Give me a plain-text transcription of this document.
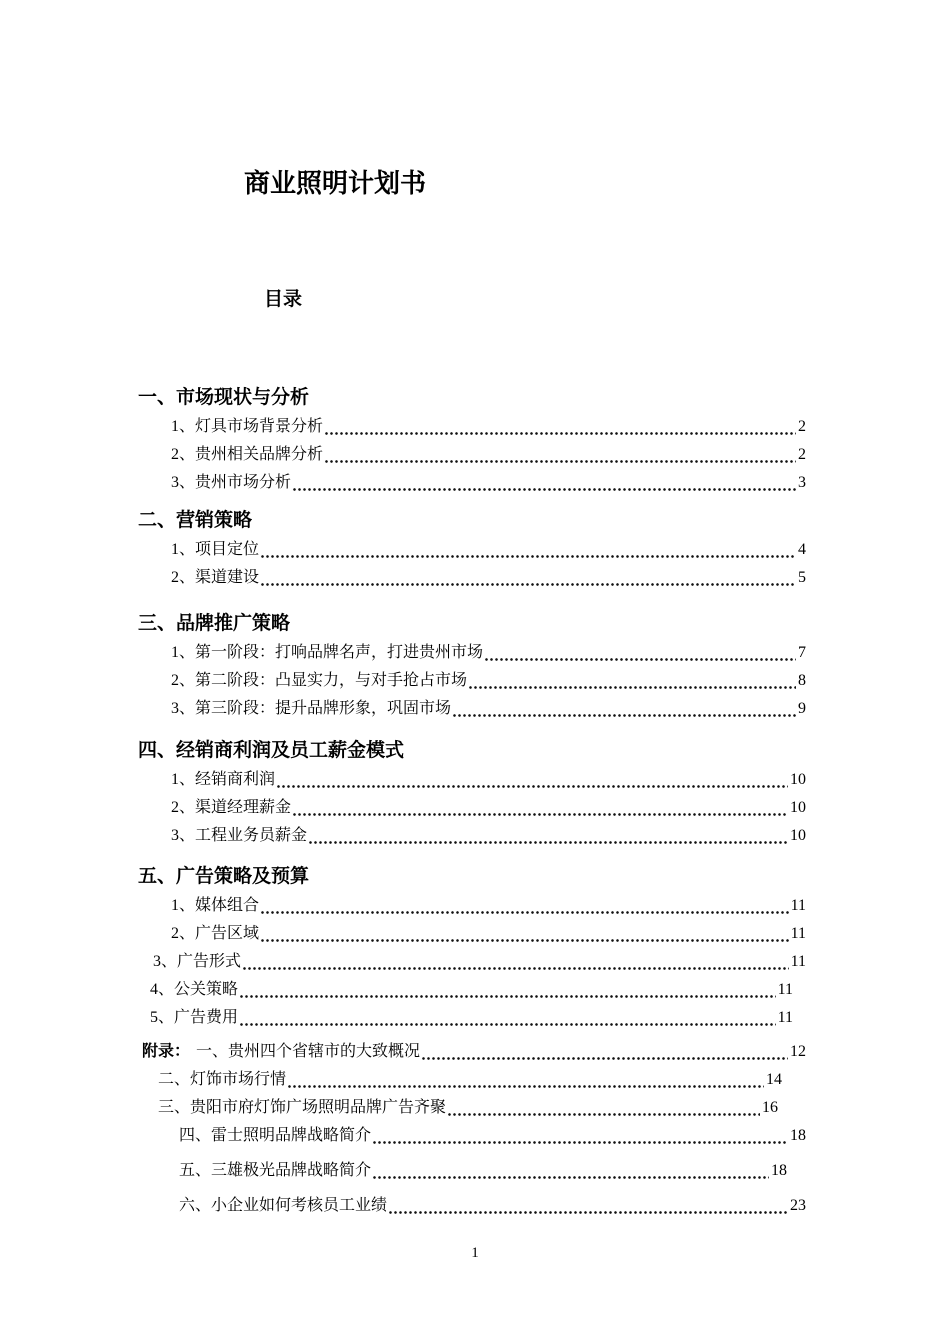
商业照明计划书
目录
一、市场现状与分析
1、灯具市场背景分析	2
2、贵州相关品牌分析	2
3、贵州市场分析	3
二、营销策略
1、项目定位	4
2、渠道建设	5
三、品牌推广策略
1、第一阶段：打响品牌名声，打进贵州市场	7
2、第二阶段：凸显实力，与对手抢占市场	8
3、第三阶段：提升品牌形象，巩固市场	9
四、经销商利润及员工薪金模式
1、经销商利润	10
2、渠道经理薪金	10
3、工程业务员薪金	10
五、广告策略及预算
1、媒体组合	11
2、广告区域	11
3、广告形式	11
4、公关策略	11
5、广告费用	11
附录： 一、贵州四个省辖市的大致概况	12
二、灯饰市场行情	14
三、贵阳市府灯饰广场照明品牌广告齐聚	16
四、雷士照明品牌战略简介	18
五、三雄极光品牌战略简介	18
六、小企业如何考核员工业绩	23
1
